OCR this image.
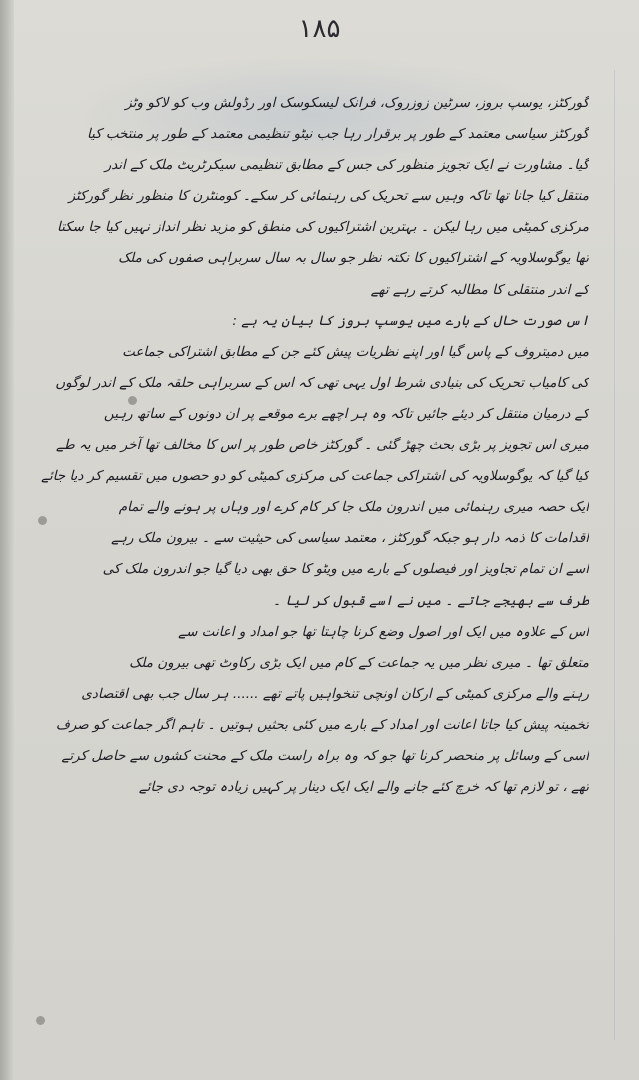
۱۸۵
گورکٹز، یوسپ بروز، سرٹین زوزروک، فرانک لیسکوسک اور رڈولش وب کو لاکو وٹز
گورکٹز سیاسی معتمد کے طور پر برقرار رہا جب نیٹو تنظیمی معتمد کے طور پر منتخب کیا
گیا۔ مشاورت نے ایک تجویز منظور کی جس کے مطابق تنظیمی سیکرٹریٹ ملک کے اندر
منتقل کیا جانا تھا تاکہ وہیں سے تحریک کی رہنمائی کر سکے۔ کومنٹرن کا منظور نظر گورکٹز
مرکزی کمیٹی میں رہا لیکن ۔ بہترین اشتراکیوں کی منطق کو مزید نظر انداز نہیں کیا جا سکتا
تھا یوگوسلاویہ کے اشتراکیوں کا نکتہ نظر جو سال بہ سال سربراہی صفوں کی ملک
کے اندر منتقلی کا مطالبہ کرتے رہے تھے
اس صورت حال کے بارے میں یوسپ بروز کا بیان یہ ہے :
میں دمیتروف کے پاس گیا اور اپنے نظریات پیش کئے جن کے مطابق اشتراکی جماعت
کی کامیاب تحریک کی بنیادی شرط اول یہی تھی کہ اس کے سربراہی حلقہ ملک کے اندر لوگوں
کے درمیان منتقل کر دیئے جائیں تاکہ وہ ہر اچھے برے موقعے پر ان دونوں کے ساتھ رہیں
میری اس تجویز پر بڑی بحث چھڑ گئی ۔ گورکٹز خاص طور پر اس کا مخالف تھا آخر میں یہ طے
کیا گیا کہ یوگوسلاویہ کی اشتراکی جماعت کی مرکزی کمیٹی کو دو حصوں میں تقسیم کر دیا جائے
ایک حصہ میری رہنمائی میں اندرون ملک جا کر کام کرے اور وہاں پر ہونے والے تمام
اقدامات کا ذمہ دار ہو جبکہ گورکٹز ، معتمد سیاسی کی حیثیت سے ۔ بیرون ملک رہے
اسے ان تمام تجاویز اور فیصلوں کے بارے میں ویٹو کا حق بھی دیا گیا جو اندرون ملک کی
طرف سے بھیجے جاتے ۔ میں نے اسے قبول کر لیا ۔
اس کے علاوہ میں ایک اور اصول وضع کرنا چاہتا تھا جو امداد و اعانت سے
متعلق تھا ۔ میری نظر میں یہ جماعت کے کام میں ایک بڑی رکاوٹ تھی بیرون ملک
رہنے والے مرکزی کمیٹی کے ارکان اونچی تنخواہیں پاتے تھے ...... ہر سال جب بھی اقتصادی
تخمینہ پیش کیا جاتا اعانت اور امداد کے بارے میں کئی بحثیں ہوتیں ۔ تاہم اگر جماعت کو صرف
اسی کے وسائل پر منحصر کرنا تھا جو کہ وہ براہ راست ملک کے محنت کشوں سے حاصل کرتے
تھے ، تو لازم تھا کہ خرچ کئے جانے والے ایک ایک دینار پر کہیں زیادہ توجہ دی جائے
